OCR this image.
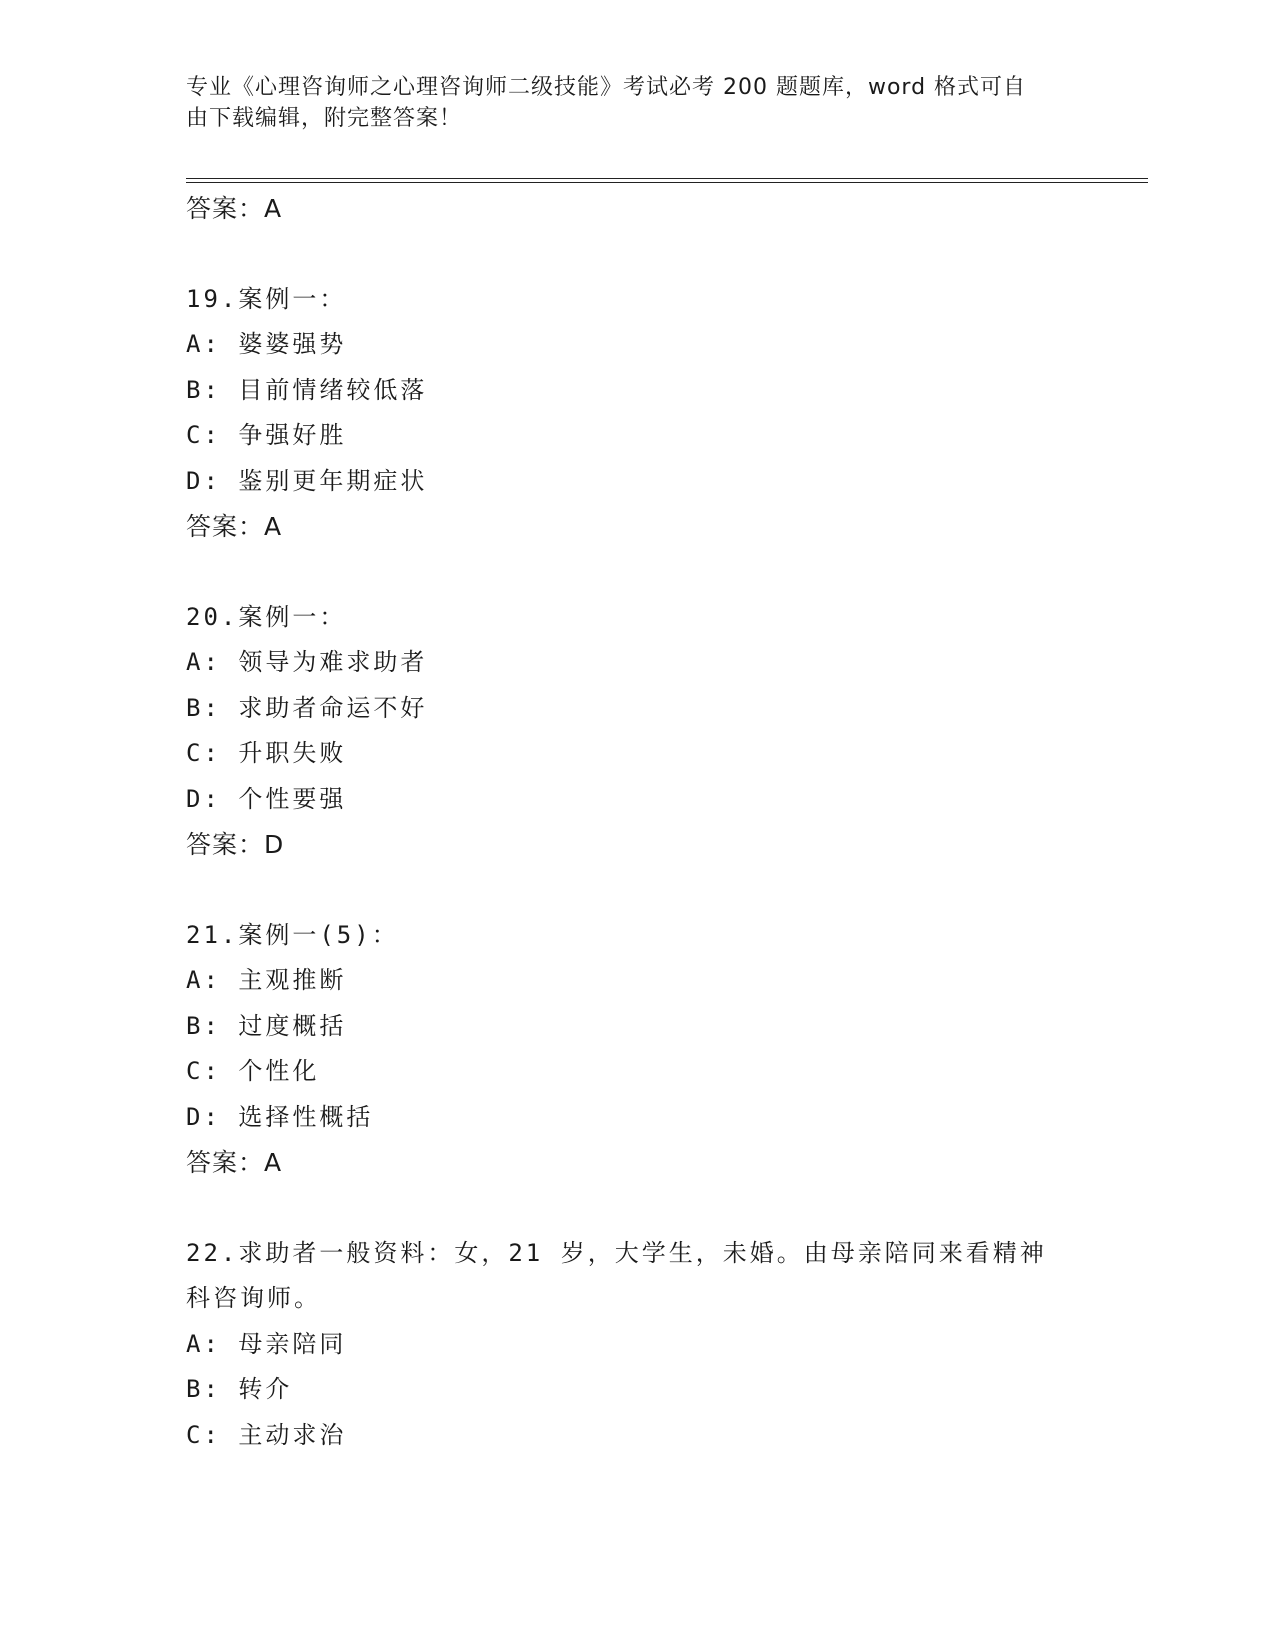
专业《心理咨询师之心理咨询师二级技能》考试必考 200 题题库，word 格式可自
由下载编辑，附完整答案！
答案：A
19.案例一：
A: 婆婆强势
B: 目前情绪较低落
C: 争强好胜
D: 鉴别更年期症状
答案：A
20.案例一：
A: 领导为难求助者
B: 求助者命运不好
C: 升职失败
D: 个性要强
答案：D
21.案例一(5)：
A: 主观推断
B: 过度概括
C: 个性化
D: 选择性概括
答案：A
22.求助者一般资料：女，21 岁，大学生，未婚。由母亲陪同来看精神
科咨询师。
A: 母亲陪同
B: 转介
C: 主动求治
